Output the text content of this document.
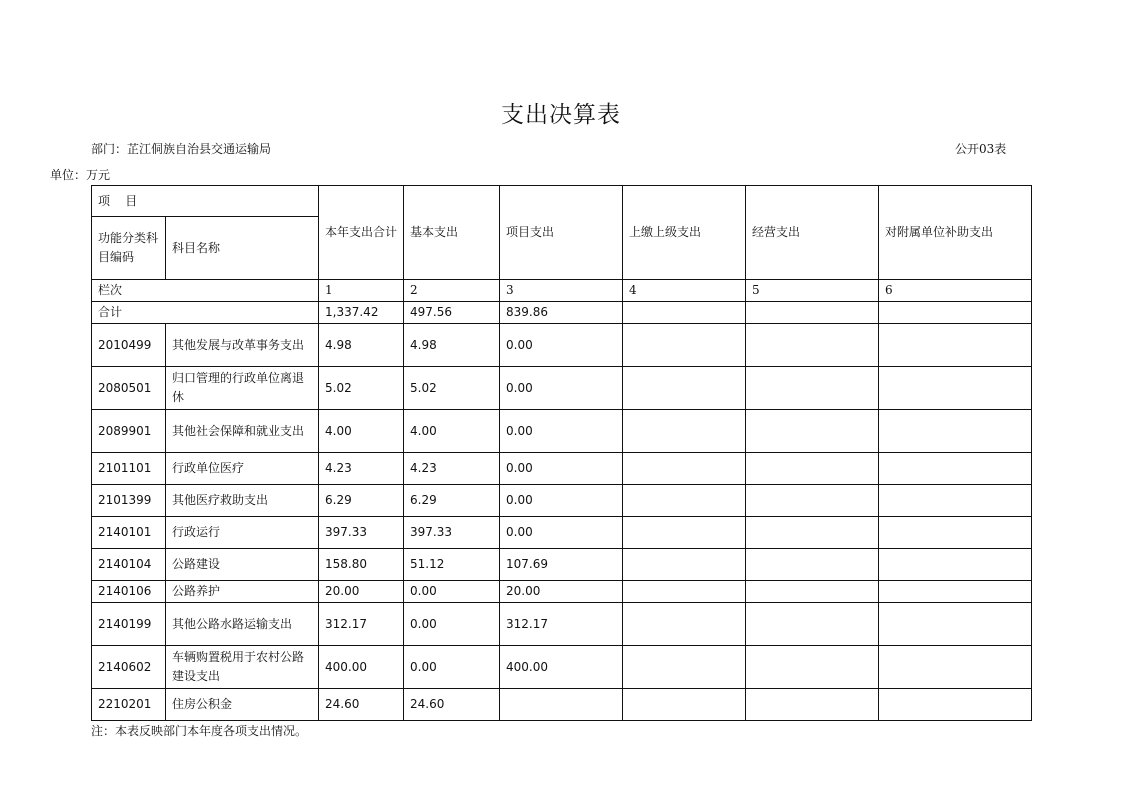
支出决算表
部门：芷江侗族自治县交通运输局	公开03表
单位：万元
项    目		本年支出合计	基本支出	项目支出	上缴上级支出	经营支出	对附属单位补助支出
功能分类科目编码	科目名称						
栏次		1	2	3	4	5	6
合计		1,337.42	497.56	839.86			
2010499	其他发展与改革事务支出	4.98	4.98	0.00			
2080501	归口管理的行政单位离退休	5.02	5.02	0.00			
2089901	其他社会保障和就业支出	4.00	4.00	0.00			
2101101	行政单位医疗	4.23	4.23	0.00			
2101399	其他医疗救助支出	6.29	6.29	0.00			
2140101	行政运行	397.33	397.33	0.00			
2140104	公路建设	158.80	51.12	107.69			
2140106	公路养护	20.00	0.00	20.00			
2140199	其他公路水路运输支出	312.17	0.00	312.17			
2140602	车辆购置税用于农村公路建设支出	400.00	0.00	400.00			
2210201	住房公积金	24.60	24.60				
注：本表反映部门本年度各项支出情况。
